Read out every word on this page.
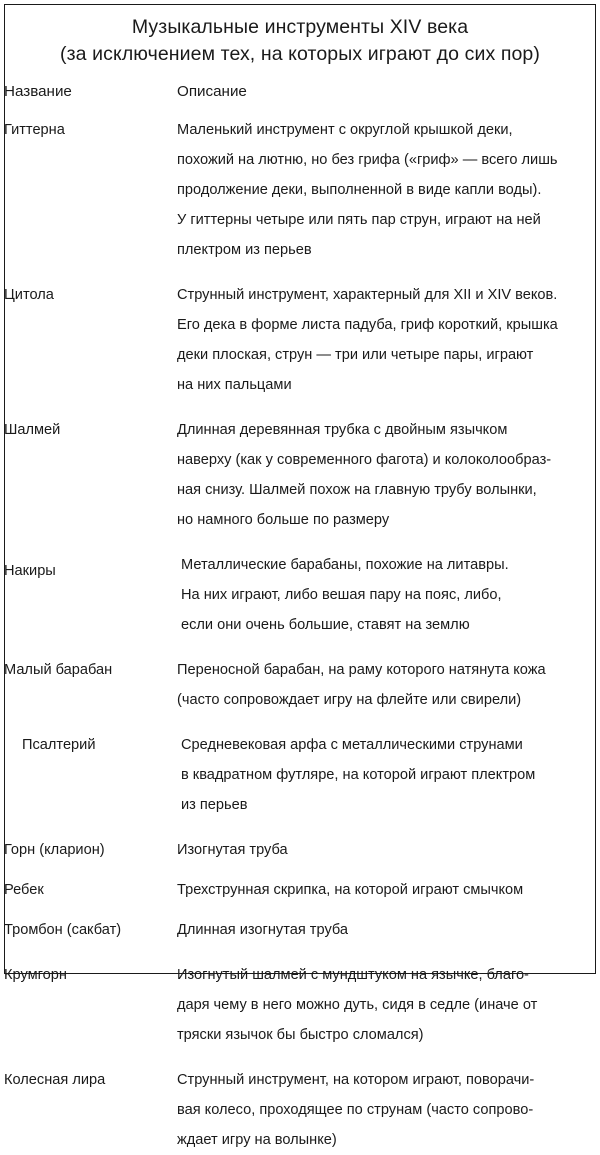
Музыкальные инструменты XIV века
(за исключением тех, на которых играют до сих пор)
Название	Описание
Гиттерна	Маленький инструмент с округлой крышкой деки,
похожий на лютню, но без грифа («гриф» — всего лишь
продолжение деки, выполненной в виде капли воды).
У гиттерны четыре или пять пар струн, играют на ней
плектром из перьев

Цитола	Струнный инструмент, характерный для XII и XIV веков.
Его дека в форме листа падуба, гриф короткий, крышка
деки плоская, струн — три или четыре пары, играют
на них пальцами

Шалмей	Длинная деревянная трубка с двойным язычком
наверху (как у современного фагота) и колоколообраз-
ная снизу. Шалмей похож на главную трубу волынки,
но намного больше по размеру

Накиры	Металлические барабаны, похожие на литавры.
На них играют, либо вешая пару на пояс, либо,
если они очень большие, ставят на землю

Малый барабан	Переносной барабан, на раму которого натянута кожа
(часто сопровождает игру на флейте или свирели)

Псалтерий	Средневековая арфа с металлическими струнами
в квадратном футляре, на которой играют плектром
из перьев

Горн (кларион)	Изогнутая труба

Ребек	Трехструнная скрипка, на которой играют смычком

Тромбон (сакбат)	Длинная изогнутая труба

Крумгорн	Изогнутый шалмей с мундштуком на язычке, благо-
даря чему в него можно дуть, сидя в седле (иначе от
тряски язычок бы быстро сломался)

Колесная лира	Струнный инструмент, на котором играют, поворачи-
вая колесо, проходящее по струнам (часто сопрово-
ждает игру на волынке)
